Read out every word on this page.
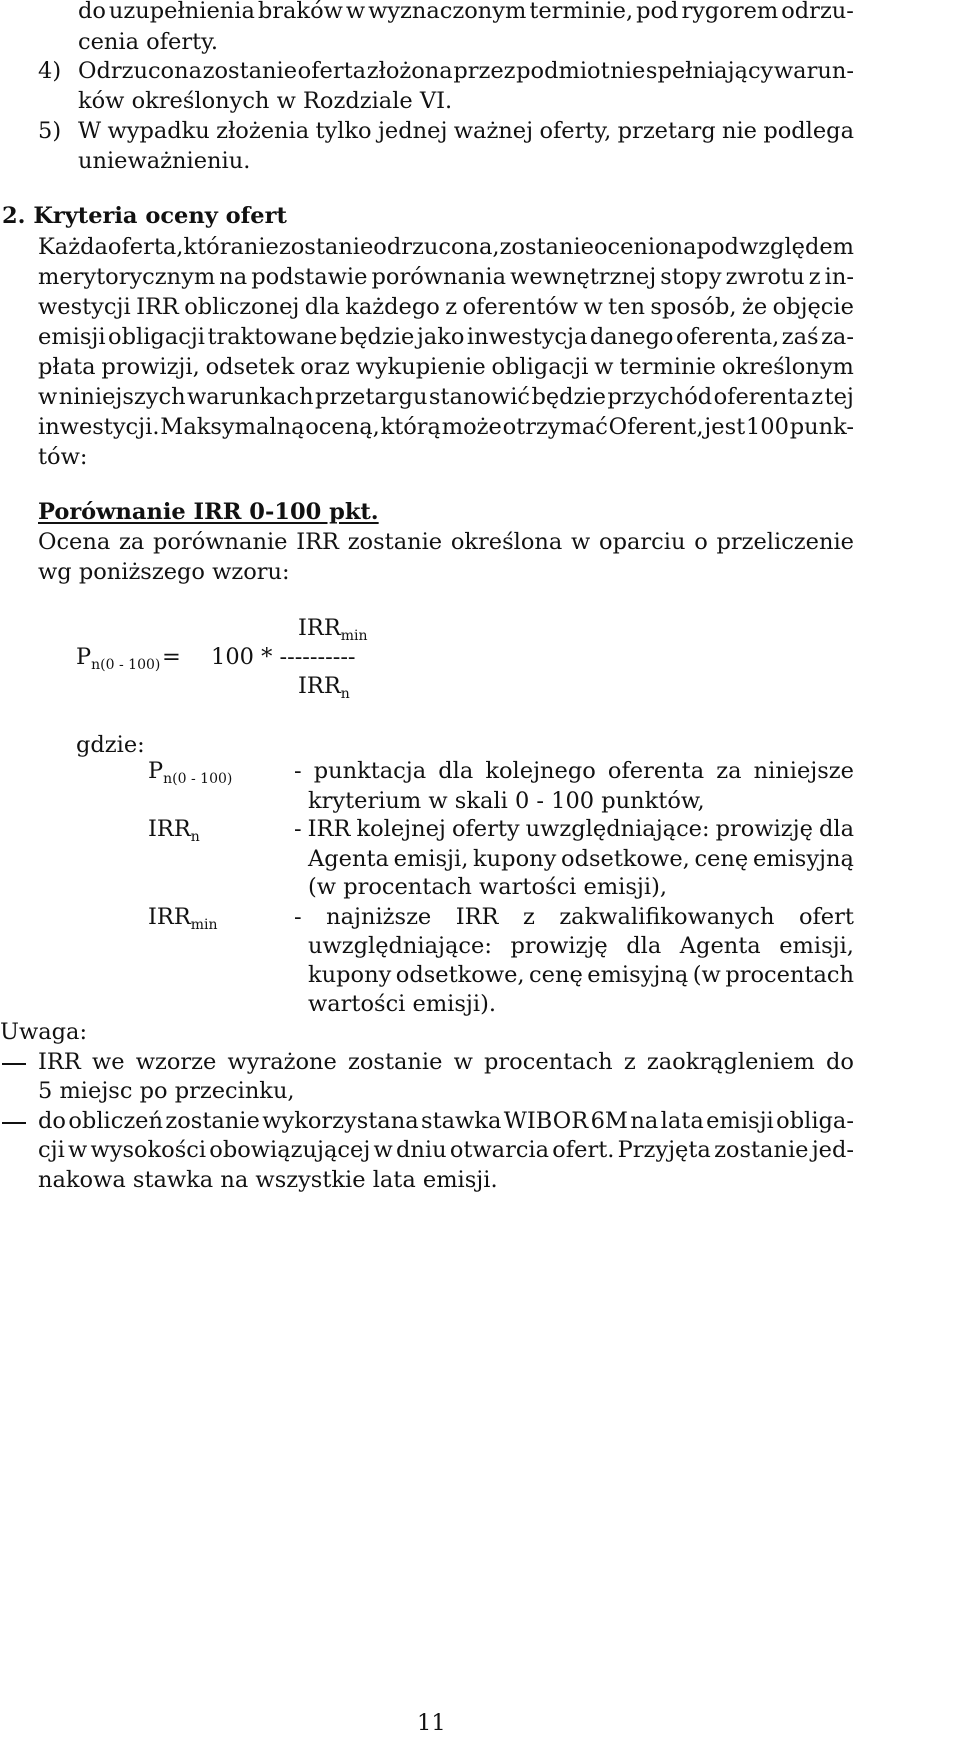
do uzupełnienia braków w wyznaczonym terminie, pod rygorem odrzu-

cenia oferty.

4) Odrzucona zostanie oferta złożona przez podmiot nie spełniający warun-

ków określonych w Rozdziale VI.

5) W wypadku złożenia tylko jednej ważnej oferty, przetarg nie podlega

unieważnieniu.

2. Kryteria oceny ofert

Każda oferta, która nie zostanie odrzucona, zostanie oceniona pod względem

merytorycznym na podstawie porównania wewnętrznej stopy zwrotu z in-

westycji IRR obliczonej dla każdego z oferentów w ten sposób, że objęcie

emisji obligacji traktowane będzie jako inwestycja danego oferenta, zaś za-

płata prowizji, odsetek oraz wykupienie obligacji w terminie określonym

w niniejszych warunkach przetargu stanowić będzie przychód oferenta z tej

inwestycji. Maksymalną oceną, którą może otrzymać Oferent, jest 100 punk-

tów:

Porównanie IRR 0-100 pkt.

Ocena za porównanie IRR zostanie określona w oparciu o przeliczenie

wg poniższego wzoru:

$IRR_{min}$

$P_{n(0 - 100)} = 100$ * ----------

$IRR_n$

gdzie:

$P_{n(0 - 100)}$	- punktacja dla kolejnego oferenta za niniejsze

kryterium w skali 0 - 100 punktów,

$IRR_n$	- IRR kolejnej oferty uwzględniające: prowizję dla

Agenta emisji, kupony odsetkowe, cenę emisyjną

(w procentach wartości emisji),

$IRR_{min}$	- najniższe IRR z zakwalifikowanych ofert

uwzględniające: prowizję dla Agenta emisji,

kupony odsetkowe, cenę emisyjną (w procentach

wartości emisji).

Uwaga:

IRR we wzorze wyrażone zostanie w procentach z zaokrągleniem do

5 miejsc po przecinku,

do obliczeń zostanie wykorzystana stawka WIBOR 6M na lata emisji obliga-

cji w wysokości obowiązującej w dniu otwarcia ofert. Przyjęta zostanie jed-

nakowa stawka na wszystkie lata emisji.

11
